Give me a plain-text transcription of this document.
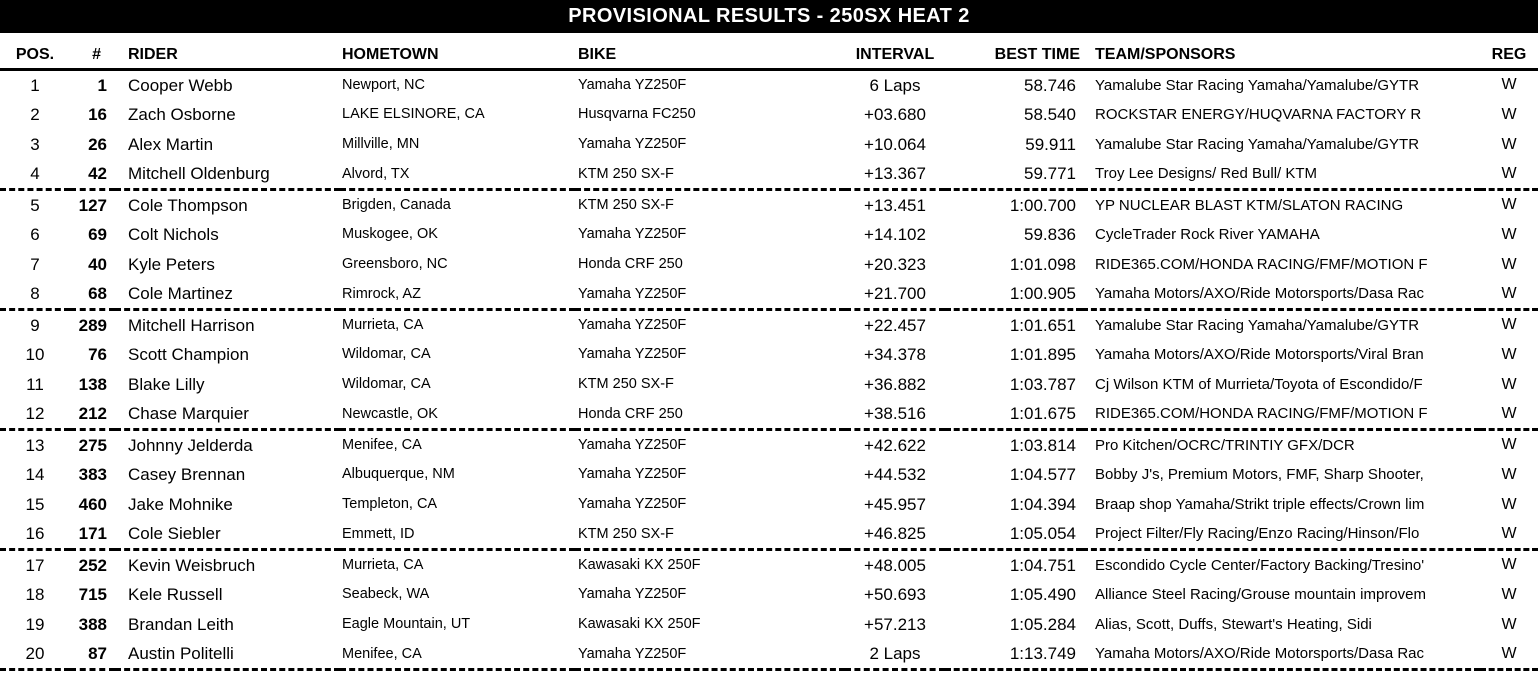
PROVISIONAL RESULTS - 250SX HEAT 2
POS.	#	RIDER	HOMETOWN	BIKE	INTERVAL	BEST TIME	TEAM/SPONSORS	REG
1	1	Cooper Webb	Newport, NC	Yamaha YZ250F	6 Laps	58.746	Yamalube Star Racing Yamaha/Yamalube/GYTR	W
2	16	Zach Osborne	LAKE ELSINORE, CA	Husqvarna FC250	+03.680	58.540	ROCKSTAR ENERGY/HUQVARNA FACTORY R	W
3	26	Alex Martin	Millville, MN	Yamaha YZ250F	+10.064	59.911	Yamalube Star Racing Yamaha/Yamalube/GYTR	W
4	42	Mitchell Oldenburg	Alvord, TX	KTM 250 SX-F	+13.367	59.771	Troy Lee Designs/ Red Bull/ KTM	W
5	127	Cole Thompson	Brigden, Canada	KTM 250 SX-F	+13.451	1:00.700	YP NUCLEAR BLAST KTM/SLATON RACING	W
6	69	Colt Nichols	Muskogee, OK	Yamaha YZ250F	+14.102	59.836	CycleTrader Rock River YAMAHA	W
7	40	Kyle Peters	Greensboro, NC	Honda CRF 250	+20.323	1:01.098	RIDE365.COM/HONDA RACING/FMF/MOTION F	W
8	68	Cole Martinez	Rimrock, AZ	Yamaha YZ250F	+21.700	1:00.905	Yamaha Motors/AXO/Ride Motorsports/Dasa Rac	W
9	289	Mitchell Harrison	Murrieta, CA	Yamaha YZ250F	+22.457	1:01.651	Yamalube Star Racing Yamaha/Yamalube/GYTR	W
10	76	Scott Champion	Wildomar, CA	Yamaha YZ250F	+34.378	1:01.895	Yamaha Motors/AXO/Ride Motorsports/Viral Bran	W
11	138	Blake Lilly	Wildomar, CA	KTM 250 SX-F	+36.882	1:03.787	Cj Wilson KTM of Murrieta/Toyota of Escondido/F	W
12	212	Chase Marquier	Newcastle, OK	Honda CRF 250	+38.516	1:01.675	RIDE365.COM/HONDA RACING/FMF/MOTION F	W
13	275	Johnny Jelderda	Menifee, CA	Yamaha YZ250F	+42.622	1:03.814	Pro Kitchen/OCRC/TRINTIY GFX/DCR	W
14	383	Casey Brennan	Albuquerque, NM	Yamaha YZ250F	+44.532	1:04.577	Bobby J's, Premium Motors, FMF, Sharp Shooter,	W
15	460	Jake Mohnike	Templeton, CA	Yamaha YZ250F	+45.957	1:04.394	Braap shop Yamaha/Strikt triple effects/Crown lim	W
16	171	Cole Siebler	Emmett, ID	KTM 250 SX-F	+46.825	1:05.054	Project Filter/Fly Racing/Enzo Racing/Hinson/Flo	W
17	252	Kevin Weisbruch	Murrieta, CA	Kawasaki KX 250F	+48.005	1:04.751	Escondido Cycle Center/Factory Backing/Tresino'	W
18	715	Kele Russell	Seabeck, WA	Yamaha YZ250F	+50.693	1:05.490	Alliance Steel Racing/Grouse mountain improvem	W
19	388	Brandan Leith	Eagle Mountain, UT	Kawasaki KX 250F	+57.213	1:05.284	Alias, Scott, Duffs, Stewart's Heating, Sidi	W
20	87	Austin Politelli	Menifee, CA	Yamaha YZ250F	2 Laps	1:13.749	Yamaha Motors/AXO/Ride Motorsports/Dasa Rac	W
